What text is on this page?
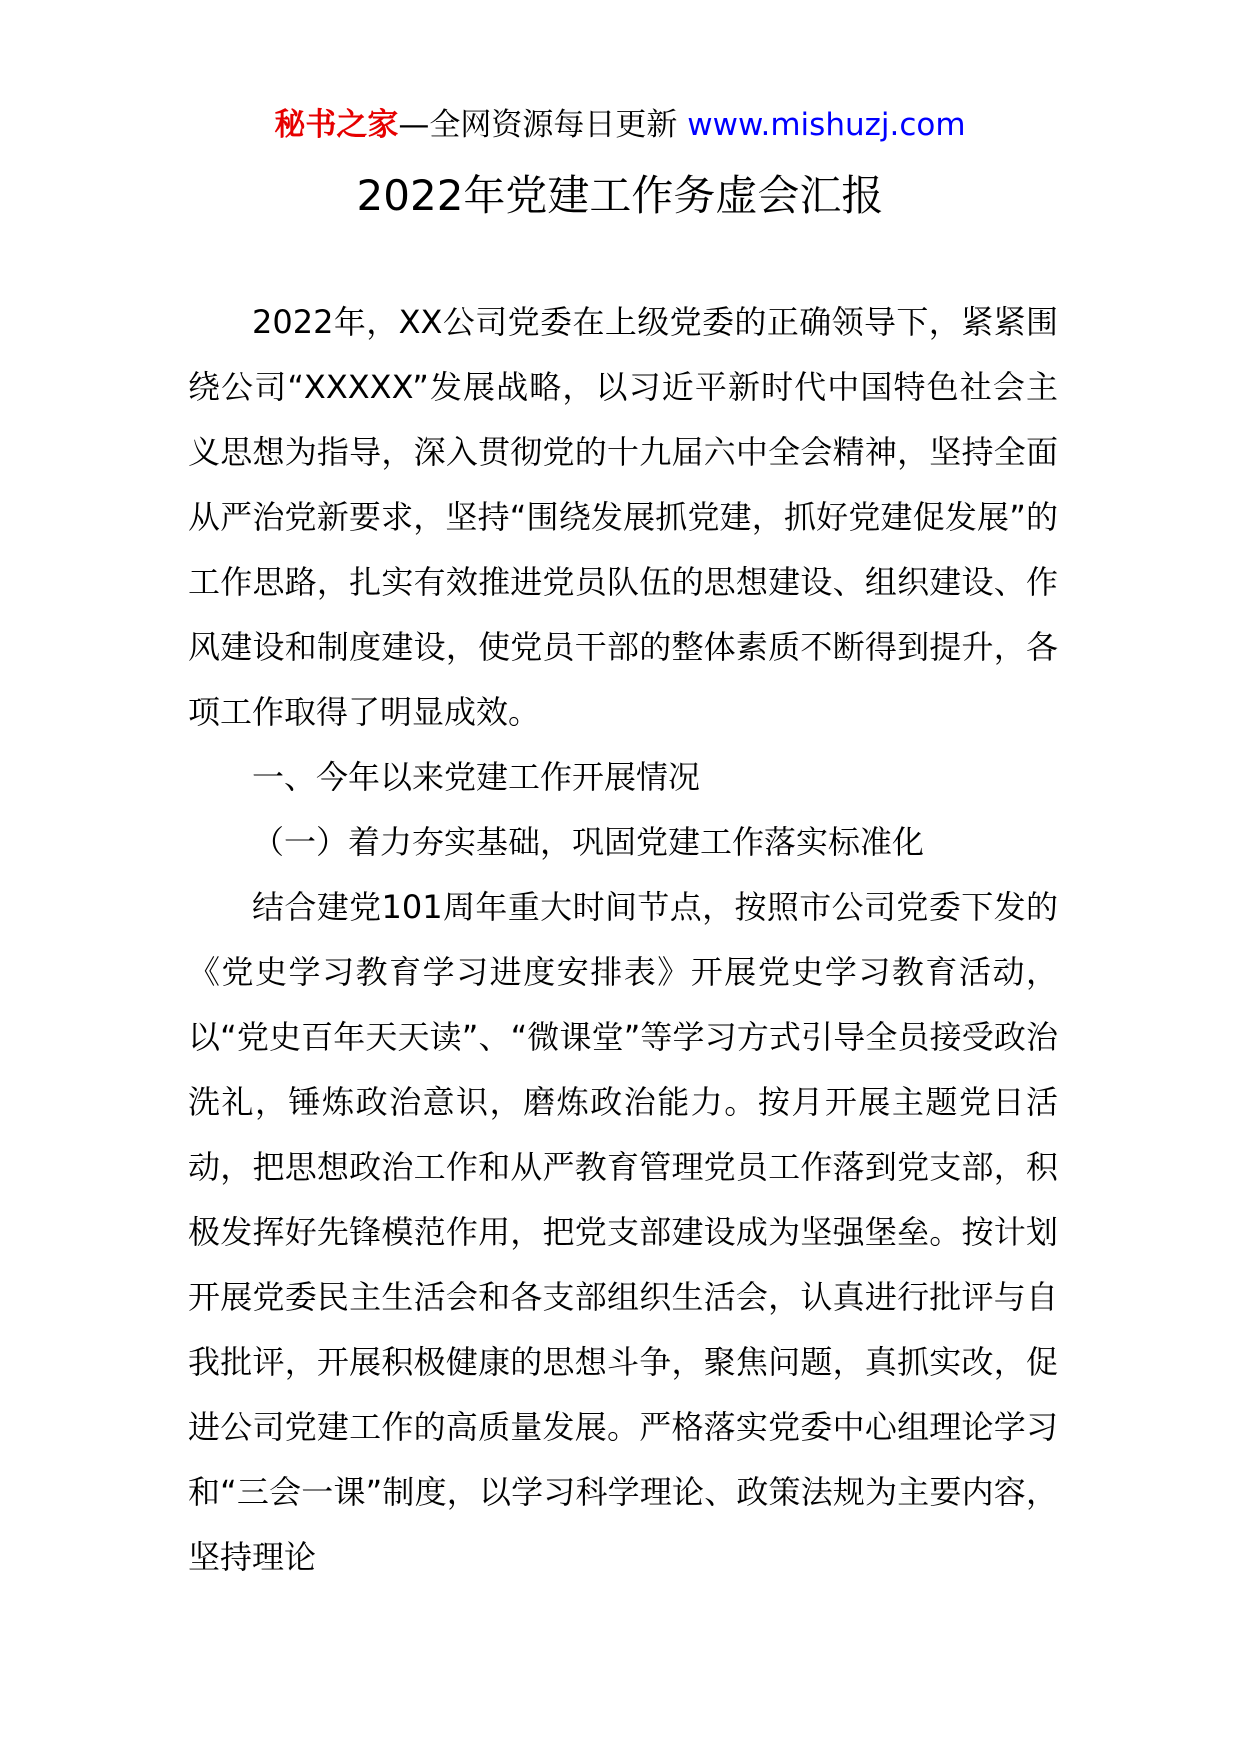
秘书之家—全网资源每日更新 www.mishuzj.com
2022年党建工作务虚会汇报

2022年，XX公司党委在上级党委的正确领导下，紧紧围绕公司“XXXXX”发展战略，以习近平新时代中国特色社会主义思想为指导，深入贯彻党的十九届六中全会精神，坚持全面从严治党新要求，坚持“围绕发展抓党建，抓好党建促发展”的工作思路，扎实有效推进党员队伍的思想建设、组织建设、作风建设和制度建设，使党员干部的整体素质不断得到提升，各项工作取得了明显成效。

一、今年以来党建工作开展情况

（一）着力夯实基础，巩固党建工作落实标准化

结合建党101周年重大时间节点，按照市公司党委下发的《党史学习教育学习进度安排表》开展党史学习教育活动，以“党史百年天天读”、“微课堂”等学习方式引导全员接受政治洗礼，锤炼政治意识，磨炼政治能力。按月开展主题党日活动，把思想政治工作和从严教育管理党员工作落到党支部，积极发挥好先锋模范作用，把党支部建设成为坚强堡垒。按计划开展党委民主生活会和各支部组织生活会，认真进行批评与自我批评，开展积极健康的思想斗争，聚焦问题，真抓实改，促进公司党建工作的高质量发展。严格落实党委中心组理论学习和“三会一课”制度，以学习科学理论、政策法规为主要内容，坚持理论
